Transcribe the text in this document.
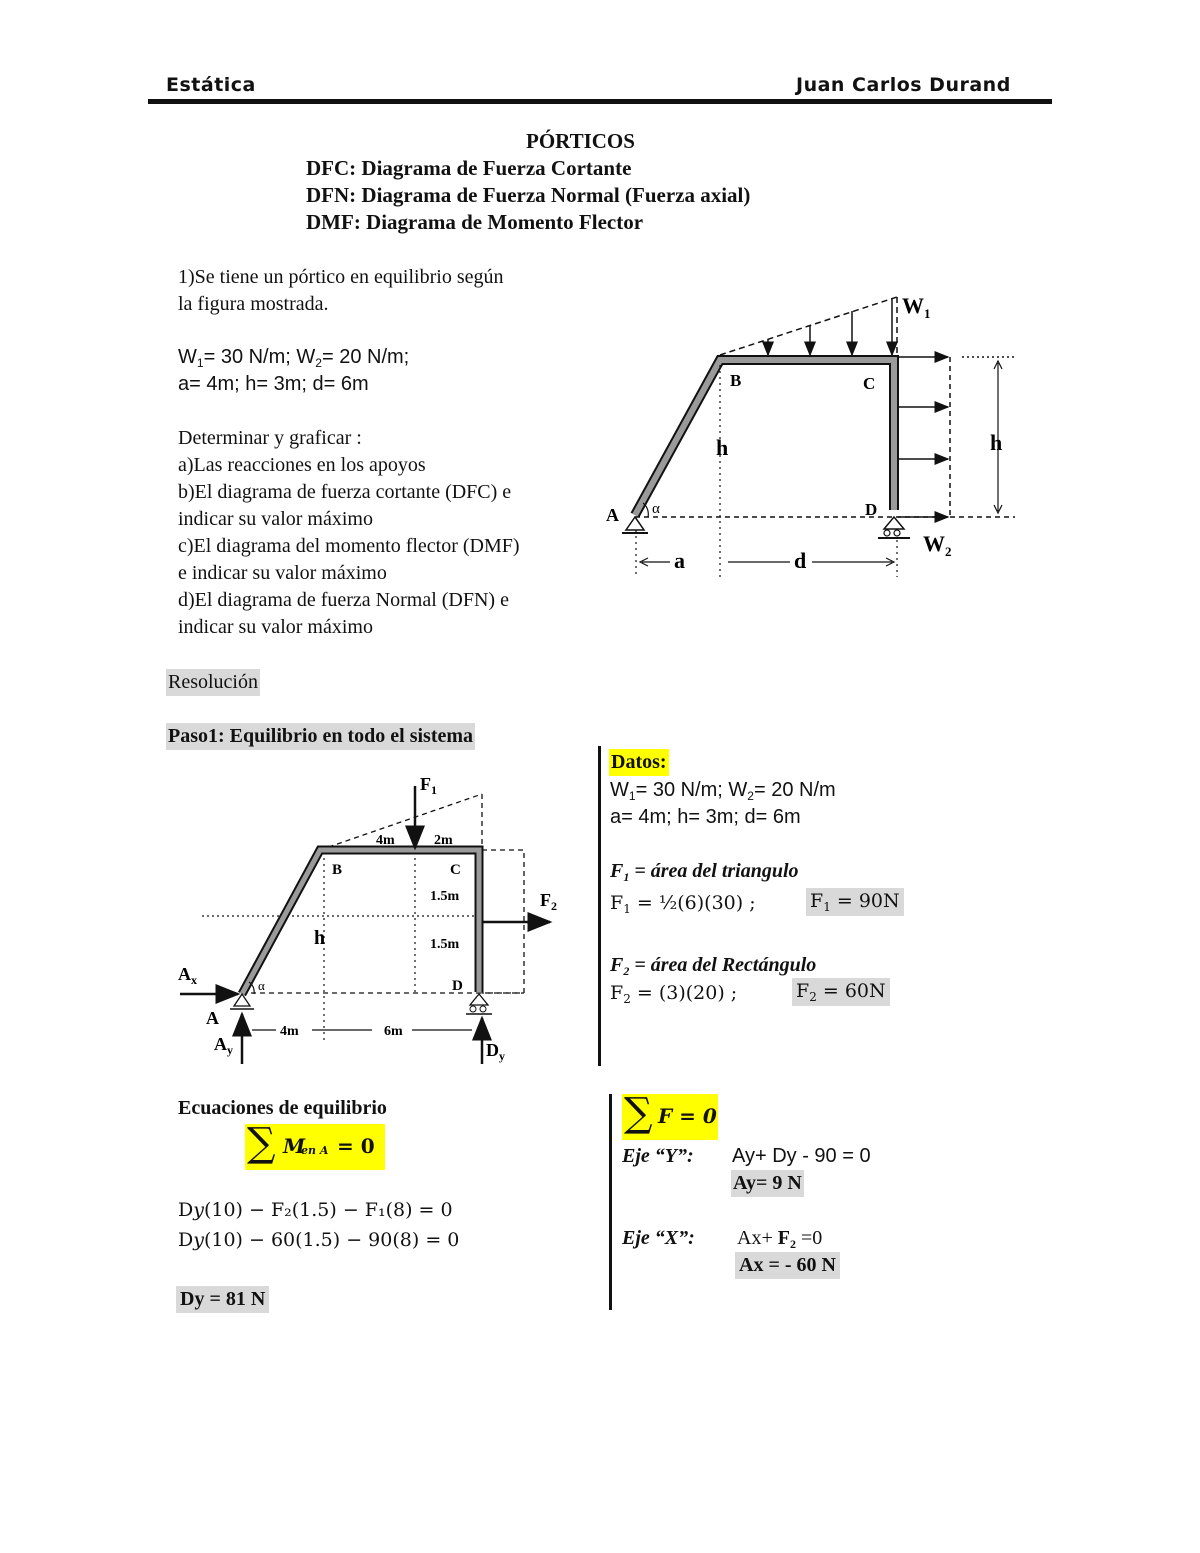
Estática	Juan Carlos Durand
PÓRTICOS
DFC: Diagrama de Fuerza Cortante
DFN: Diagrama de Fuerza Normal (Fuerza axial)
DMF: Diagrama de Momento Flector
1)Se tiene un pórtico en equilibrio según
la figura mostrada.
$W_1= 30$ N/m; $W_2= 20$ N/m;
a= 4m; h= 3m; d= 6m
Determinar y graficar :
a)Las reacciones en los apoyos
b)El diagrama de fuerza cortante (DFC) e
indicar su valor máximo
c)El diagrama del momento flector (DMF)
e indicar su valor máximo
d)El diagrama de fuerza Normal (DFN) e
indicar su valor máximo
$W_1$
$W_2$
B	C
A	D
h	h
α
a	d
Resolución
Paso1: Equilibrio en todo el sistema
$F_1$
$F_2$
4m	2m
B	C
1.5m
1.5m
h
D
A
$A_x$
$A_y$	$D_y$
α
4m	6m
Datos:
$W_1= 30$ N/m; $W_2= 20$ N/m
a= 4m; h= 3m; d= 6m
$F_1$ = área del triangulo
$F_1$ = ½(6)(30) ;	$F_1 = 90N$
$F_2$ = área del Rectángulo
$F_2 = (3)(20)$ ;	$F_2 = 60N$
Ecuaciones de equilibrio
∑ M
en A = 0
D𝑦(10) − F₂(1.5) − F₁(8) = 0
D𝑦(10) − 60(1.5) − 90(8) = 0
Dy = 81 N
∑ F = 0
Eje “Y”: Ay+ Dy - 90 = 0
Ay= 9 N
Eje “X”: $Ax+ F_2 =0$
Ax = - 60 N
